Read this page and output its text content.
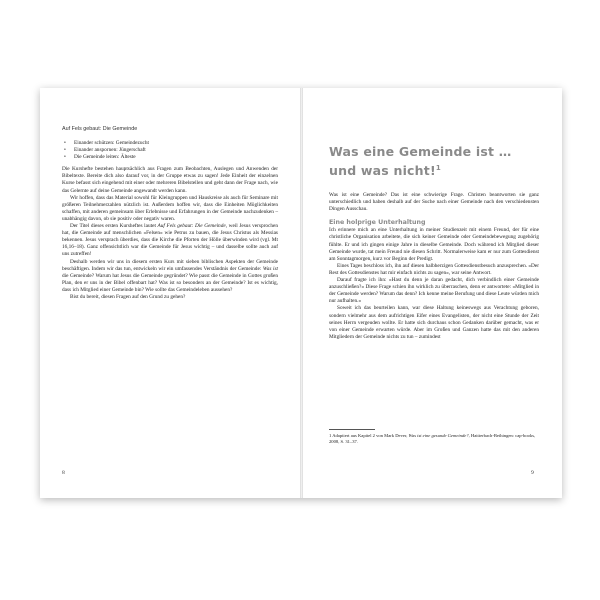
Auf Fels gebaut: Die Gemeinde
• Einander schützen: Gemeindezucht
• Einander anspornen: Jüngerschaft
• Die Gemeinde leiten: Älteste

Die Kurshefte bestehen hauptsächlich aus Fragen zum Beobachten, Auslegen und Anwenden der Bibeltexte. Bereite dich also darauf vor, in der Gruppe etwas zu sagen! Jede Einheit der einzelnen Kurse befasst sich eingehend mit einer oder mehreren Bibelstellen und geht dann der Frage nach, wie das Gelernte auf deine Gemeinde angewandt werden kann.

Wir hoffen, dass das Material sowohl für Kleingruppen und Hauskreise als auch für Seminare mit größeren Teilnehmerzahlen nützlich ist. Außerdem hoffen wir, dass die Einheiten Möglichkeiten schaffen, mit anderen gemeinsam über Erlebnisse und Erfahrungen in der Gemeinde nachzudenken – unabhängig davon, ob sie positiv oder negativ waren.

Der Titel dieses ersten Kursheftes lautet Auf Fels gebaut: Die Gemeinde, weil Jesus versprochen hat, die Gemeinde auf menschlichen »Felsen« wie Petrus zu bauen, die Jesus Christus als Messias bekennen. Jesus versprach überdies, dass die Kirche die Pforten der Hölle überwinden wird (vgl. Mt 16,16–18). Ganz offensichtlich war die Gemeinde für Jesus wichtig – und dasselbe sollte auch auf uns zutreffen!

Deshalb werden wir uns in diesem ersten Kurs mit sieben biblischen Aspekten der Gemeinde beschäftigen. Indem wir das tun, entwickeln wir ein umfassendes Verständnis der Gemeinde: Was ist die Gemeinde? Warum hat Jesus die Gemeinde gegründet? Wie passt die Gemeinde in Gottes großen Plan, den er uns in der Bibel offenbart hat? Was ist so besonders an der Gemeinde? Ist es wichtig, dass ich Mitglied einer Gemeinde bin? Wie sollte das Gemeindeleben aussehen?

Bist du bereit, diesen Fragen auf den Grund zu gehen?

8
Was eine Gemeinde ist …
und was nicht!$^1$

Was ist eine Gemeinde? Das ist eine schwierige Frage. Christen beantworten sie ganz unterschiedlich und haben deshalb auf der Suche nach einer Gemeinde nach den verschiedensten Dingen Ausschau.

Eine holprige Unterhaltung

Ich erinnere mich an eine Unterhaltung in meiner Studienzeit mit einem Freund, der für eine christliche Organisation arbeitete, die sich keiner Gemeinde oder Gemeindebewegung zugehörig fühlte. Er und ich gingen einige Jahre in dieselbe Gemeinde. Doch während ich Mitglied dieser Gemeinde wurde, tat mein Freund nie diesen Schritt. Normalerweise kam er nur zum Gottesdienst am Sonntagmorgen, kurz vor Beginn der Predigt.

Eines Tages beschloss ich, ihn auf diesen halbherzigen Gottesdienstbesuch anzusprechen. »Der Rest des Gottesdienstes hat mir einfach nichts zu sagen«, war seine Antwort.

Darauf fragte ich ihn: »Hast du denn je daran gedacht, dich verbindlich einer Gemeinde anzuschließen?« Diese Frage schien ihn wirklich zu überraschen, denn er antwortete: »Mitglied in der Gemeinde werden? Warum das denn? Ich kenne meine Berufung und diese Leute würden mich nur aufhalten.«

Soweit ich das beurteilen kann, war diese Haltung keineswegs aus Verachtung geboren, sondern vielmehr aus dem aufrichtigen Eifer eines Evangelisten, der nicht eine Stunde der Zeit seines Herrn vergeuden wollte. Er hatte sich durchaus schon Gedanken darüber gemacht, was er von einer Gemeinde erwarten würde. Aber im Großen und Ganzen hatte das mit den anderen Mitgliedern der Gemeinde nichts zu tun – zumindest

1 Adaptiert aus Kapitel 2 von Mark Dever, Was ist eine gesunde Gemeinde?, Haitterbach-Beihingen: cap-books, 2008, S. 31–37.
9
